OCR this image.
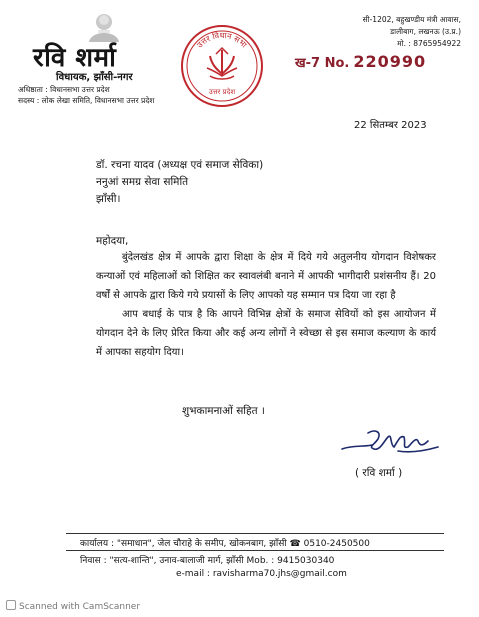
रवि शर्मा
विधायक, झाँसी-नगर
अधिष्ठाता : विधानसभा उत्तर प्रदेश
सदस्य : लोक लेखा समिति, विधानसभा उत्तर प्रदेश
उत्तर विधान सभा
उत्तर प्रदेश
सी-1202, बहुखण्डीय मंत्री आवास,
डालीबाग, लखनऊ (उ.प्र.)
मो. : 8765954922
ख-7 No. 220990
22 सितम्बर 2023
डॉ. रचना यादव (अध्यक्ष एवं समाज सेविका)
ननुआं समग्र सेवा समिति
झाँसी।
महोदया,

बुंदेलखंड क्षेत्र में आपके द्वारा शिक्षा के क्षेत्र में दिये गये अतुलनीय योगदान विशेषकर कन्याओं एवं महिलाओं को शिक्षित कर स्वावलंबी बनाने में आपकी भागीदारी प्रशंसनीय हैं। 20 वर्षों से आपके द्वारा किये गये प्रयासों के लिए आपको यह सम्मान पत्र दिया जा रहा है

आप बधाई के पात्र है कि आपने विभिन्न क्षेत्रों के समाज सेवियों को इस आयोजन में योगदान देने के लिए प्रेरित किया और कई अन्य लोगों ने स्वेच्छा से इस समाज कल्याण के कार्य में आपका सहयोग दिया।

शुभकामनाओं सहित ।
( रवि शर्मा )
कार्यालय : "समाधान", जेल चौराहे के समीप, खोकनबाग, झाँसी ☎ 0510-2450500
निवास : "सत्य-शान्ति", उनाव-बालाजी मार्ग, झाँसी Mob. : 9415030340
e-mail : ravisharma70.jhs@gmail.com
Scanned with CamScanner
